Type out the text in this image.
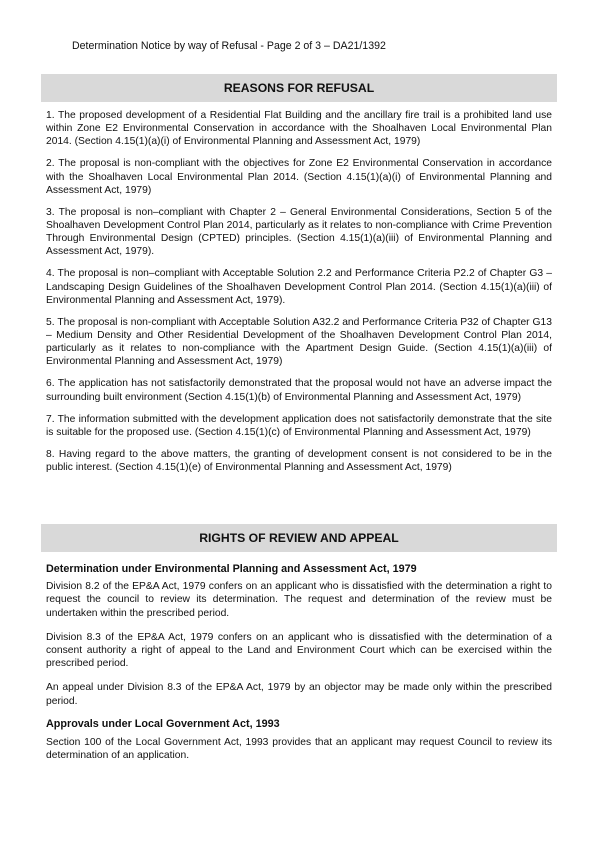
Determination Notice by way of Refusal - Page 2 of 3 – DA21/1392
REASONS FOR REFUSAL

1. The proposed development of a Residential Flat Building and the ancillary fire trail is a prohibited land use within Zone E2 Environmental Conservation in accordance with the Shoalhaven Local Environmental Plan 2014. (Section 4.15(1)(a)(i) of Environmental Planning and Assessment Act, 1979)

2. The proposal is non-compliant with the objectives for Zone E2 Environmental Conservation in accordance with the Shoalhaven Local Environmental Plan 2014. (Section 4.15(1)(a)(i) of Environmental Planning and Assessment Act, 1979)

3. The proposal is non–compliant with Chapter 2 – General Environmental Considerations, Section 5 of the Shoalhaven Development Control Plan 2014, particularly as it relates to non-compliance with Crime Prevention Through Environmental Design (CPTED) principles. (Section 4.15(1)(a)(iii) of Environmental Planning and Assessment Act, 1979).

4. The proposal is non–compliant with Acceptable Solution 2.2 and Performance Criteria P2.2 of Chapter G3 – Landscaping Design Guidelines of the Shoalhaven Development Control Plan 2014. (Section 4.15(1)(a)(iii) of Environmental Planning and Assessment Act, 1979).

5. The proposal is non-compliant with Acceptable Solution A32.2 and Performance Criteria P32 of Chapter G13 – Medium Density and Other Residential Development of the Shoalhaven Development Control Plan 2014, particularly as it relates to non-compliance with the Apartment Design Guide. (Section 4.15(1)(a)(iii) of Environmental Planning and Assessment Act, 1979)

6. The application has not satisfactorily demonstrated that the proposal would not have an adverse impact the surrounding built environment (Section 4.15(1)(b) of Environmental Planning and Assessment Act, 1979)

7. The information submitted with the development application does not satisfactorily demonstrate that the site is suitable for the proposed use. (Section 4.15(1)(c) of Environmental Planning and Assessment Act, 1979)

8. Having regard to the above matters, the granting of development consent is not considered to be in the public interest. (Section 4.15(1)(e) of Environmental Planning and Assessment Act, 1979)

RIGHTS OF REVIEW AND APPEAL

Determination under Environmental Planning and Assessment Act, 1979

Division 8.2 of the EP&A Act, 1979 confers on an applicant who is dissatisfied with the determination a right to request the council to review its determination. The request and determination of the review must be undertaken within the prescribed period.

Division 8.3 of the EP&A Act, 1979 confers on an applicant who is dissatisfied with the determination of a consent authority a right of appeal to the Land and Environment Court which can be exercised within the prescribed period.

An appeal under Division 8.3 of the EP&A Act, 1979 by an objector may be made only within the prescribed period.

Approvals under Local Government Act, 1993

Section 100 of the Local Government Act, 1993 provides that an applicant may request Council to review its determination of an application.
